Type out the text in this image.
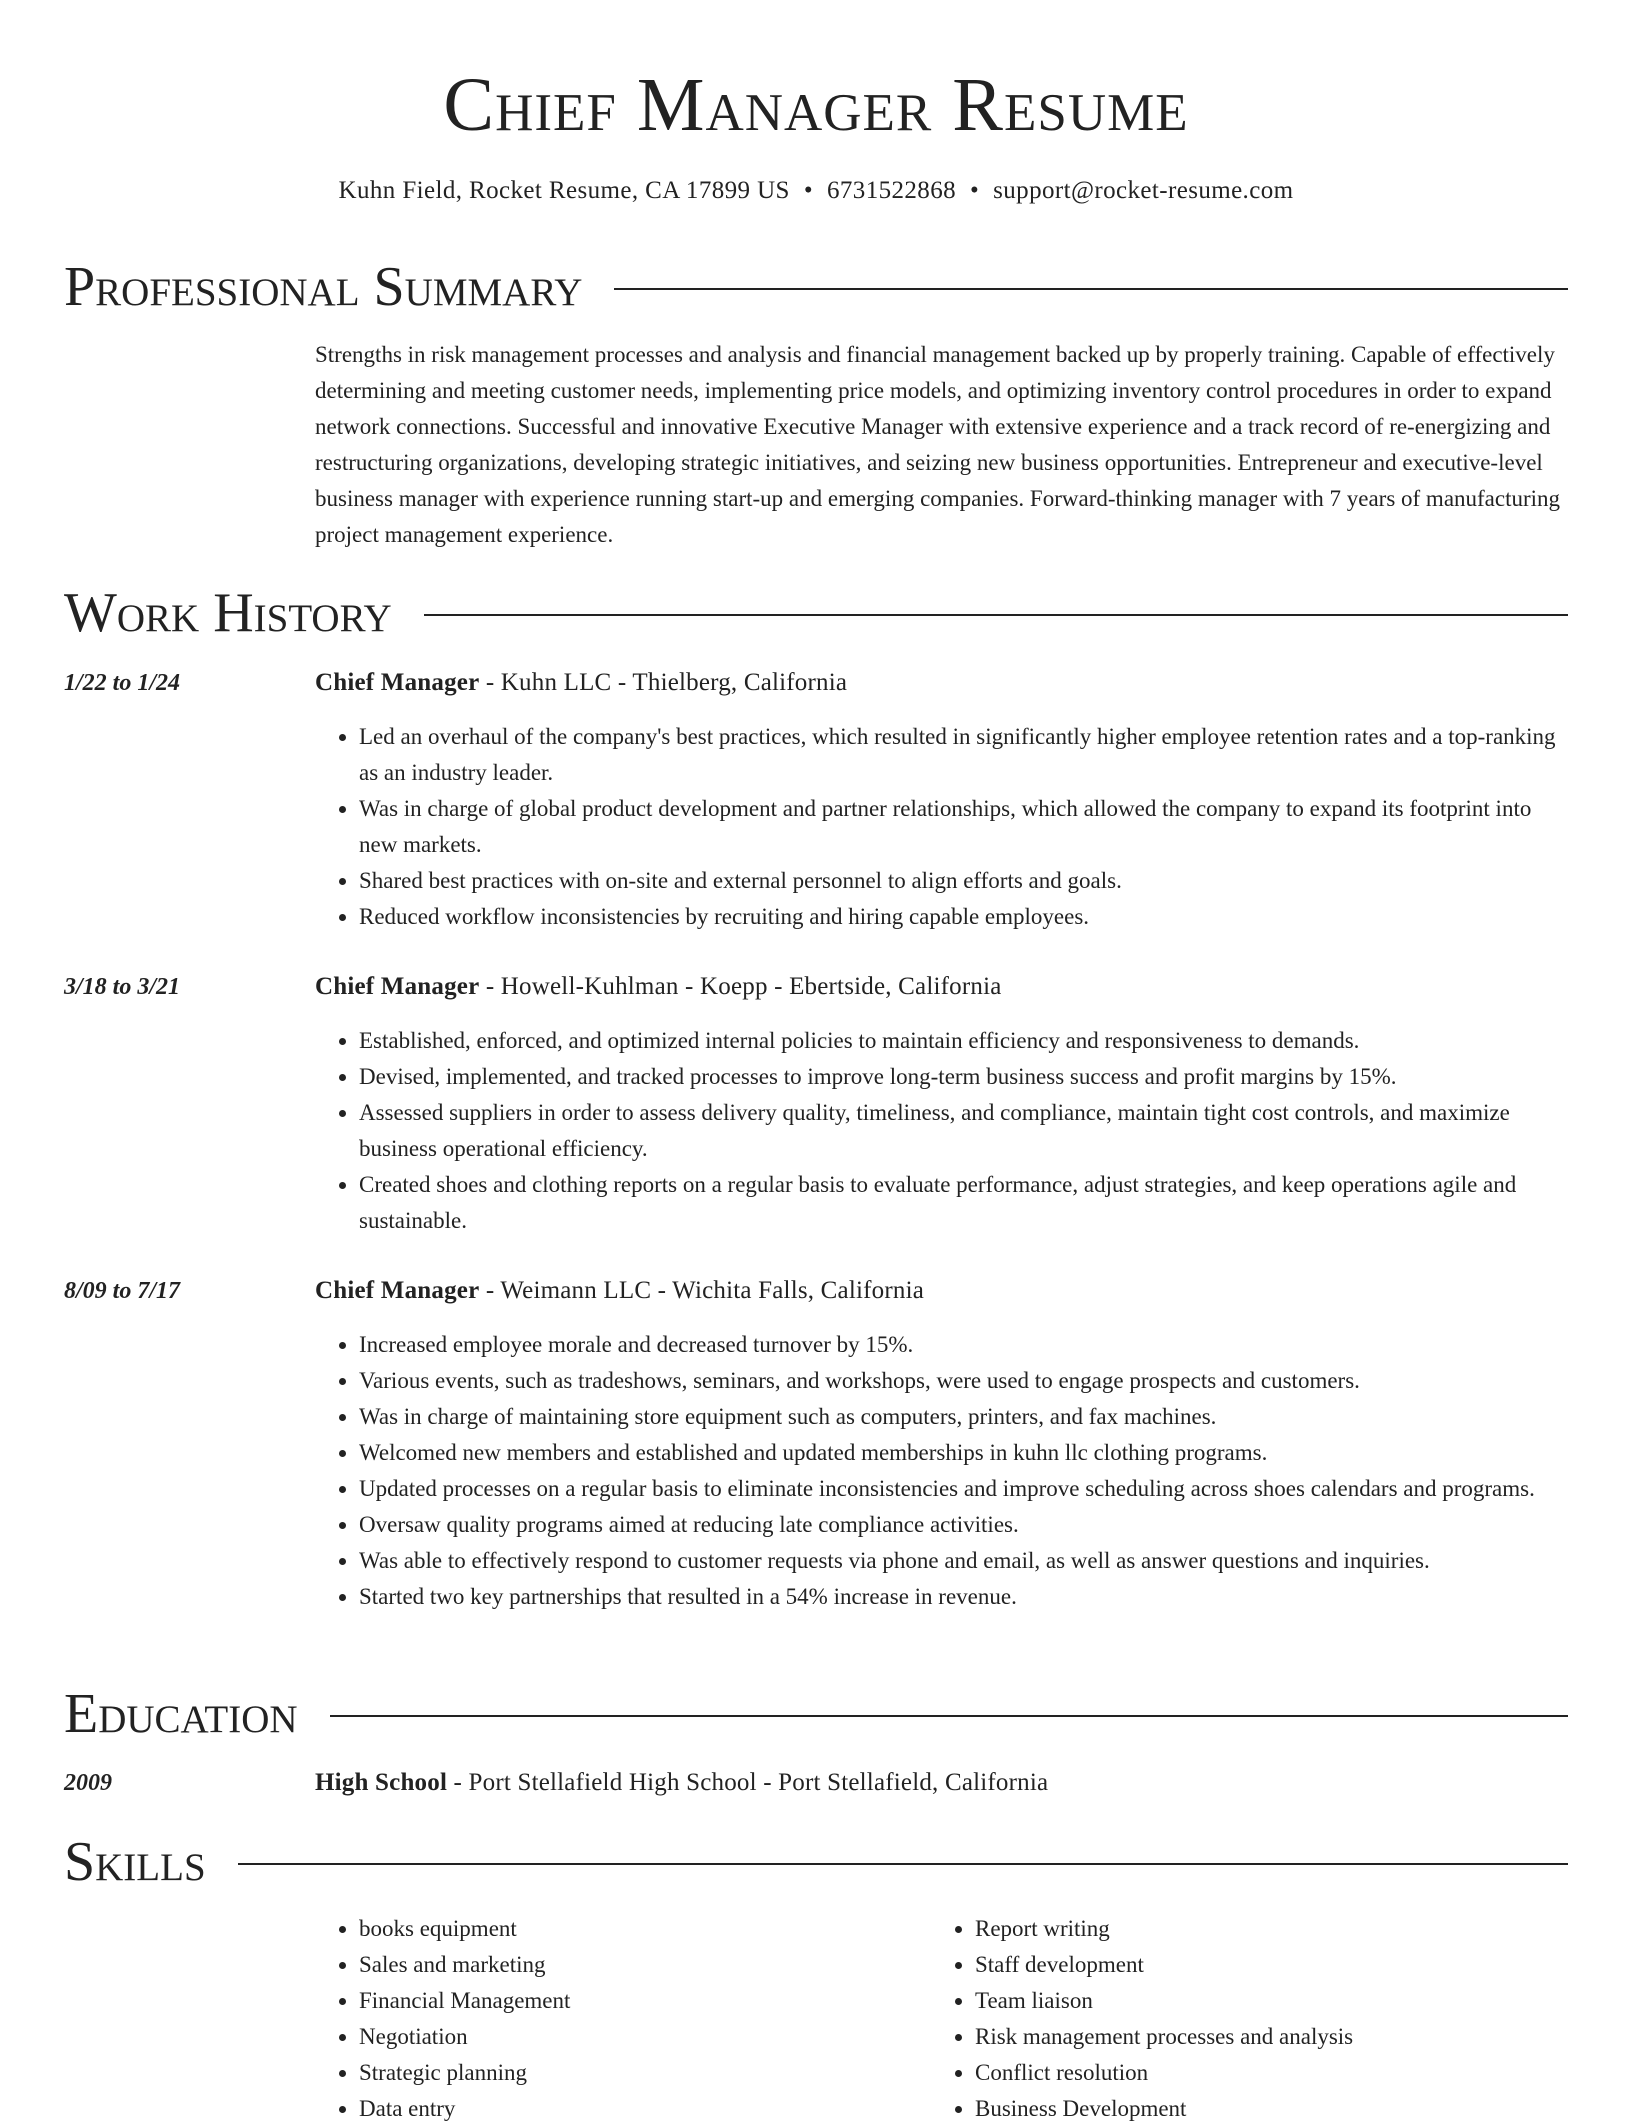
Chief Manager Resume
Kuhn Field, Rocket Resume, CA 17899 US • 6731522868 • support@rocket-resume.com
Professional Summary
Strengths in risk management processes and analysis and financial management backed up by properly training. Capable of effectively determining and meeting customer needs, implementing price models, and optimizing inventory control procedures in order to expand network connections. Successful and innovative Executive Manager with extensive experience and a track record of re-energizing and restructuring organizations, developing strategic initiatives, and seizing new business opportunities. Entrepreneur and executive-level business manager with experience running start-up and emerging companies. Forward-thinking manager with 7 years of manufacturing project management experience.
Work History
1/22 to 1/24	Chief Manager - Kuhn LLC - Thielberg, California
• Led an overhaul of the company's best practices, which resulted in significantly higher employee retention rates and a top-ranking as an industry leader.
• Was in charge of global product development and partner relationships, which allowed the company to expand its footprint into new markets.
• Shared best practices with on-site and external personnel to align efforts and goals.
• Reduced workflow inconsistencies by recruiting and hiring capable employees.
3/18 to 3/21	Chief Manager - Howell-Kuhlman - Koepp - Ebertside, California
• Established, enforced, and optimized internal policies to maintain efficiency and responsiveness to demands.
• Devised, implemented, and tracked processes to improve long-term business success and profit margins by 15%.
• Assessed suppliers in order to assess delivery quality, timeliness, and compliance, maintain tight cost controls, and maximize business operational efficiency.
• Created shoes and clothing reports on a regular basis to evaluate performance, adjust strategies, and keep operations agile and sustainable.
8/09 to 7/17	Chief Manager - Weimann LLC - Wichita Falls, California
• Increased employee morale and decreased turnover by 15%.
• Various events, such as tradeshows, seminars, and workshops, were used to engage prospects and customers.
• Was in charge of maintaining store equipment such as computers, printers, and fax machines.
• Welcomed new members and established and updated memberships in kuhn llc clothing programs.
• Updated processes on a regular basis to eliminate inconsistencies and improve scheduling across shoes calendars and programs.
• Oversaw quality programs aimed at reducing late compliance activities.
• Was able to effectively respond to customer requests via phone and email, as well as answer questions and inquiries.
• Started two key partnerships that resulted in a 54% increase in revenue.
Education
2009	High School - Port Stellafield High School - Port Stellafield, California
Skills
• books equipment
• Sales and marketing
• Financial Management
• Negotiation
• Strategic planning
• Data entry
• Report writing
• Staff development
• Team liaison
• Risk management processes and analysis
• Conflict resolution
• Business Development
